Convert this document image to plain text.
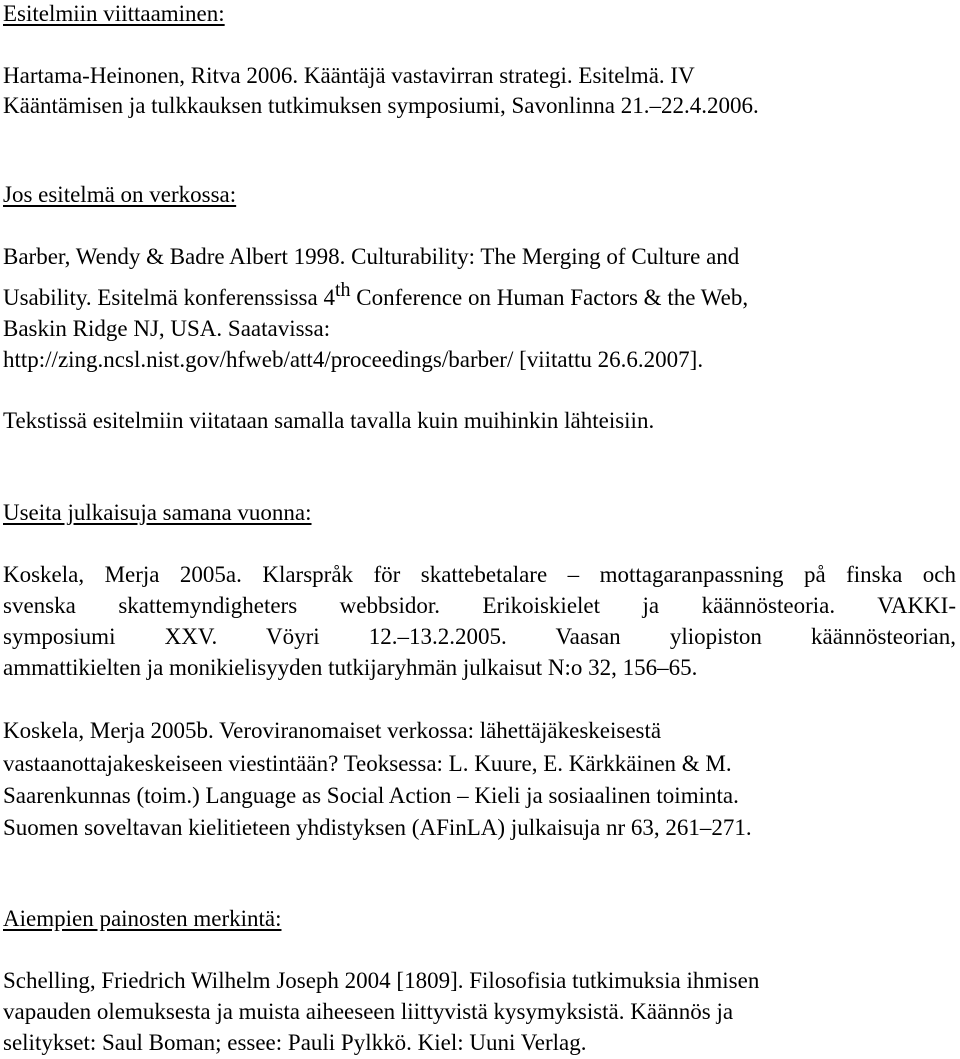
Esitelmiin viittaaminen:
Hartama-Heinonen, Ritva 2006. Kääntäjä vastavirran strategi. Esitelmä. IV
Kääntämisen ja tulkkauksen tutkimuksen symposiumi, Savonlinna 21.–22.4.2006.
Jos esitelmä on verkossa:
Barber, Wendy & Badre Albert 1998. Culturability: The Merging of Culture and
Usability. Esitelmä konferenssissa 4th Conference on Human Factors & the Web,
Baskin Ridge NJ, USA. Saatavissa:
http://zing.ncsl.nist.gov/hfweb/att4/proceedings/barber/ [viitattu 26.6.2007].
Tekstissä esitelmiin viitataan samalla tavalla kuin muihinkin lähteisiin.
Useita julkaisuja samana vuonna:
Koskela, Merja 2005a. Klarspråk för skattebetalare – mottagaranpassning på finska och
svenska skattemyndigheters webbsidor. Erikoiskielet ja käännösteoria. VAKKI-
symposiumi XXV. Vöyri 12.–13.2.2005. Vaasan yliopiston käännösteorian,
ammattikielten ja monikielisyyden tutkijaryhmän julkaisut N:o 32, 156–65.
Koskela, Merja 2005b. Veroviranomaiset verkossa: lähettäjäkeskeisestä
vastaanottajakeskeiseen viestintään? Teoksessa: L. Kuure, E. Kärkkäinen & M.
Saarenkunnas (toim.) Language as Social Action – Kieli ja sosiaalinen toiminta.
Suomen soveltavan kielitieteen yhdistyksen (AFinLA) julkaisuja nr 63, 261–271.
Aiempien painosten merkintä:
Schelling, Friedrich Wilhelm Joseph 2004 [1809]. Filosofisia tutkimuksia ihmisen
vapauden olemuksesta ja muista aiheeseen liittyvistä kysymyksistä. Käännös ja
selitykset: Saul Boman; essee: Pauli Pylkkö. Kiel: Uuni Verlag.
